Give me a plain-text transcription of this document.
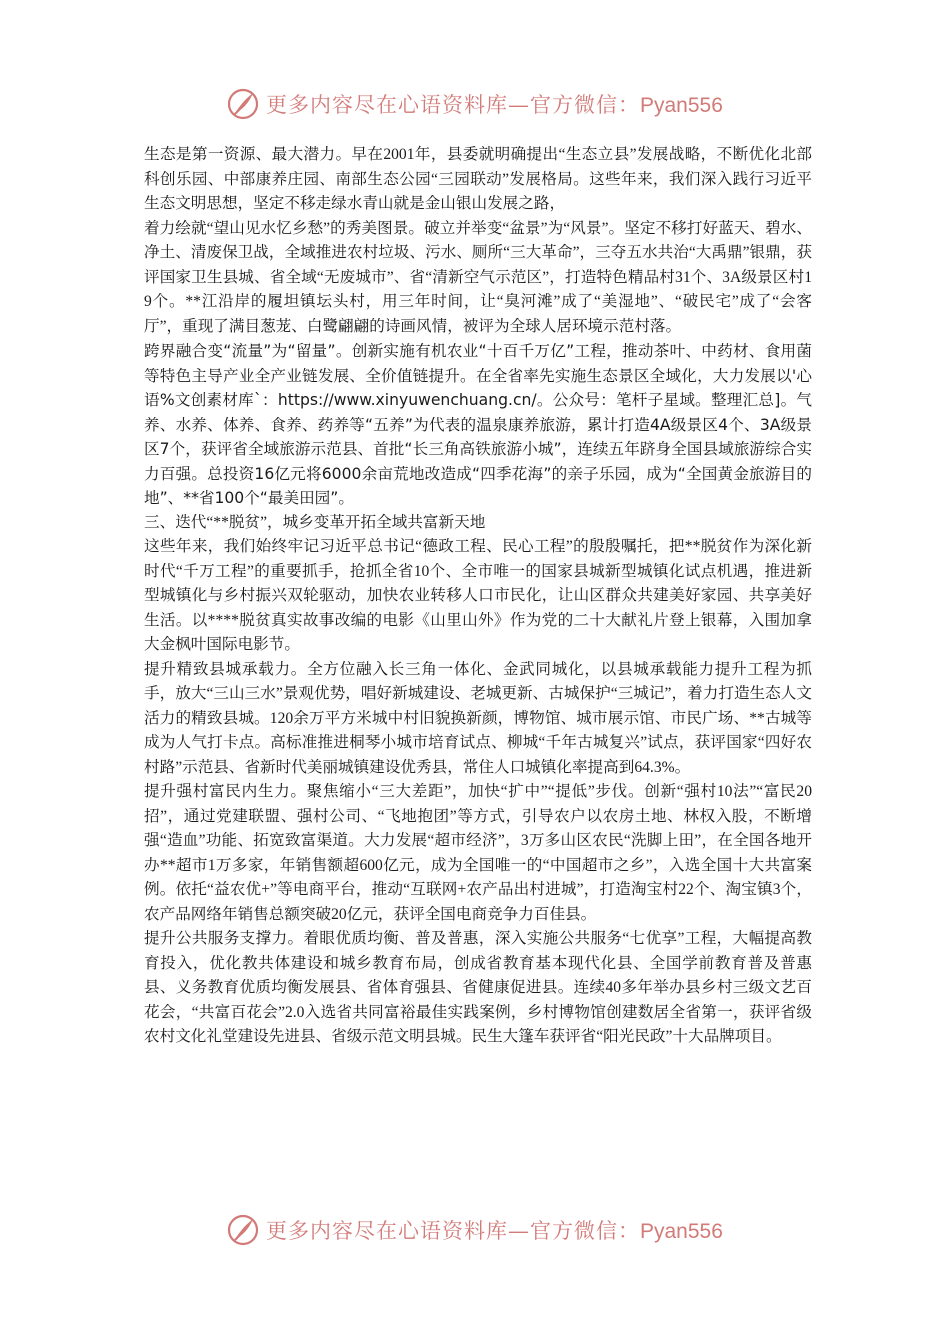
更多内容尽在心语资料库—官方微信：Pyan556

生态是第一资源、最大潜力。早在2001年，县委就明确提出“生态立县”发展战略，不断优化北部科创乐园、中部康养庄园、南部生态公园“三园联动”发展格局。这些年来，我们深入践行习近平生态文明思想，坚定不移走绿水青山就是金山银山发展之路，

着力绘就“望山见水忆乡愁”的秀美图景。破立并举变“盆景”为“风景”。坚定不移打好蓝天、碧水、净土、清废保卫战，全域推进农村垃圾、污水、厕所“三大革命”，三夺五水共治“大禹鼎”银鼎，获评国家卫生县城、省全域“无废城市”、省“清新空气示范区”，打造特色精品村31个、3A级景区村19个。**江沿岸的履坦镇坛头村，用三年时间，让“臭河滩”成了“美湿地”、“破民宅”成了“会客厅”，重现了满目葱茏、白鹭翩翩的诗画风情，被评为全球人居环境示范村落。

跨界融合变“流量”为“留量”。创新实施有机农业“十百千万亿”工程，推动茶叶、中药材、食用菌等特色主导产业全产业链发展、全价值链提升。在全省率先实施生态景区全域化，大力发展以'心语%文创素材库`：https://www.xinyuwenchuang.cn/。公众号：笔杆子星域。整理汇总]。气养、水养、体养、食养、药养等“五养”为代表的温泉康养旅游，累计打造4A级景区4个、3A级景区7个，获评省全域旅游示范县、首批“长三角高铁旅游小城”，连续五年跻身全国县域旅游综合实力百强。总投资16亿元将6000余亩荒地改造成“四季花海”的亲子乐园，成为“全国黄金旅游目的地”、**省100个“最美田园”。

三、迭代“**脱贫”，城乡变革开拓全域共富新天地

这些年来，我们始终牢记习近平总书记“德政工程、民心工程”的殷殷嘱托，把**脱贫作为深化新时代“千万工程”的重要抓手，抢抓全省10个、全市唯一的国家县城新型城镇化试点机遇，推进新型城镇化与乡村振兴双轮驱动，加快农业转移人口市民化，让山区群众共建美好家园、共享美好生活。以****脱贫真实故事改编的电影《山里山外》作为党的二十大献礼片登上银幕，入围加拿大金枫叶国际电影节。

提升精致县城承载力。全方位融入长三角一体化、金武同城化，以县城承载能力提升工程为抓手，放大“三山三水”景观优势，唱好新城建设、老城更新、古城保护“三城记”，着力打造生态人文活力的精致县城。120余万平方米城中村旧貌换新颜，博物馆、城市展示馆、市民广场、**古城等成为人气打卡点。高标准推进桐琴小城市培育试点、柳城“千年古城复兴”试点，获评国家“四好农村路”示范县、省新时代美丽城镇建设优秀县，常住人口城镇化率提高到64.3%。

提升强村富民内生力。聚焦缩小“三大差距”，加快“扩中”“提低”步伐。创新“强村10法”“富民20招”，通过党建联盟、强村公司、“飞地抱团”等方式，引导农户以农房土地、林权入股，不断增强“造血”功能、拓宽致富渠道。大力发展“超市经济”，3万多山区农民“洗脚上田”，在全国各地开办**超市1万多家，年销售额超600亿元，成为全国唯一的“中国超市之乡”，入选全国十大共富案例。依托“益农优+”等电商平台，推动“互联网+农产品出村进城”，打造淘宝村22个、淘宝镇3个，农产品网络年销售总额突破20亿元，获评全国电商竞争力百佳县。

提升公共服务支撑力。着眼优质均衡、普及普惠，深入实施公共服务“七优享”工程，大幅提高教育投入，优化教共体建设和城乡教育布局，创成省教育基本现代化县、全国学前教育普及普惠县、义务教育优质均衡发展县、省体育强县、省健康促进县。连续40多年举办县乡村三级文艺百花会，“共富百花会”2.0入选省共同富裕最佳实践案例，乡村博物馆创建数居全省第一，获评省级农村文化礼堂建设先进县、省级示范文明县城。民生大篷车获评省“阳光民政”十大品牌项目。

更多内容尽在心语资料库—官方微信：Pyan556
